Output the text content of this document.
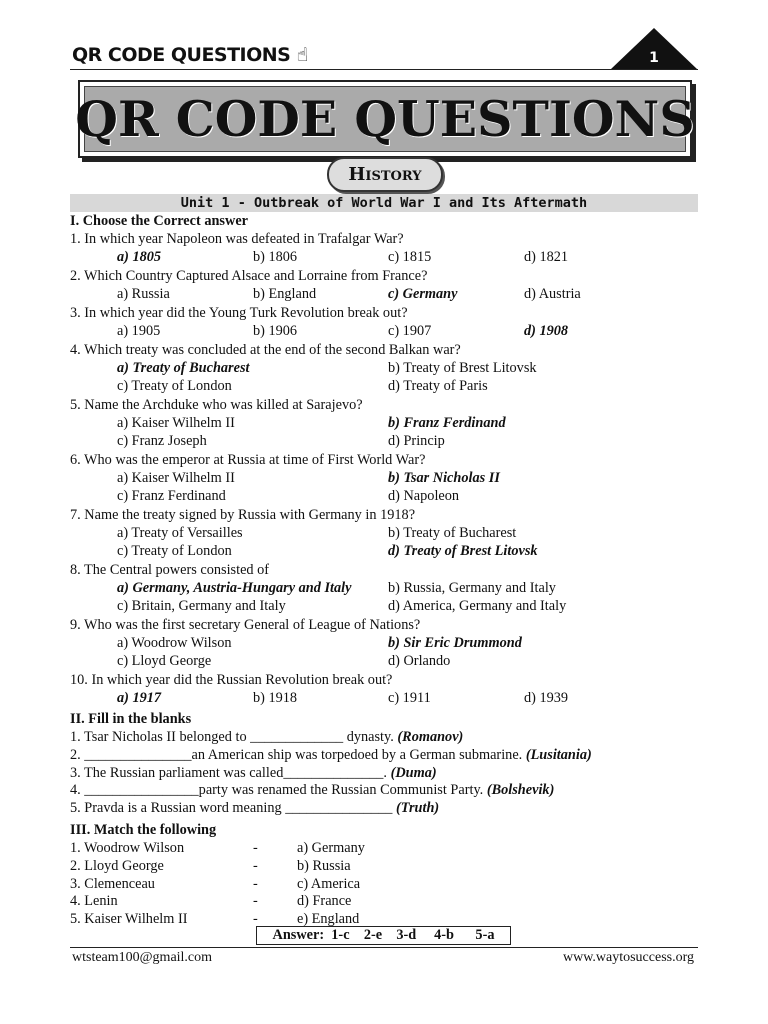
QR CODE QUESTIONS ☝	1
QR CODE QUESTIONS
History
Unit 1 - Outbreak of World War I and Its Aftermath
I. Choose the Correct answer
1. In which year Napoleon was defeated in Trafalgar War?
a) 1805	b) 1806	c) 1815	d) 1821
2. Which Country Captured Alsace and Lorraine from France?
a) Russia	b) England	c) Germany	d) Austria
3. In which year did the Young Turk Revolution break out?
a) 1905	b) 1906	c) 1907	d) 1908
4. Which treaty was concluded at the end of the second Balkan war?
a) Treaty of Bucharest	b) Treaty of Brest Litovsk
c) Treaty of London	d) Treaty of Paris
5. Name the Archduke who was killed at Sarajevo?
a) Kaiser Wilhelm II	b) Franz Ferdinand
c) Franz Joseph	d) Princip
6. Who was the emperor at Russia at time of First World War?
a) Kaiser Wilhelm II	b) Tsar Nicholas II
c) Franz Ferdinand	d) Napoleon
7. Name the treaty signed by Russia with Germany in 1918?
a) Treaty of Versailles	b) Treaty of Bucharest
c) Treaty of London	d) Treaty of Brest Litovsk
8. The Central powers consisted of
a) Germany, Austria-Hungary and Italy	b) Russia, Germany and Italy
c) Britain, Germany and Italy	d) America, Germany and Italy
9. Who was the first secretary General of League of Nations?
a) Woodrow Wilson	b) Sir Eric Drummond
c) Lloyd George	d) Orlando
10. In which year did the Russian Revolution break out?
a) 1917	b) 1918	c) 1911	d) 1939
II. Fill in the blanks
1. Tsar Nicholas II belonged to _____________ dynasty. (Romanov)
2. _______________an American ship was torpedoed by a German submarine. (Lusitania)
3. The Russian parliament was called______________. (Duma)
4. ________________party was renamed the Russian Communist Party. (Bolshevik)
5. Pravda is a Russian word meaning _______________ (Truth)
III. Match the following
1. Woodrow Wilson	-	a) Germany
2. Lloyd George	-	b) Russia
3. Clemenceau	-	c) America
4. Lenin	-	d) France
5. Kaiser Wilhelm II	-	e) England
Answer:  1-c    2-e    3-d     4-b      5-a
wtsteam100@gmail.com	www.waytosuccess.org
